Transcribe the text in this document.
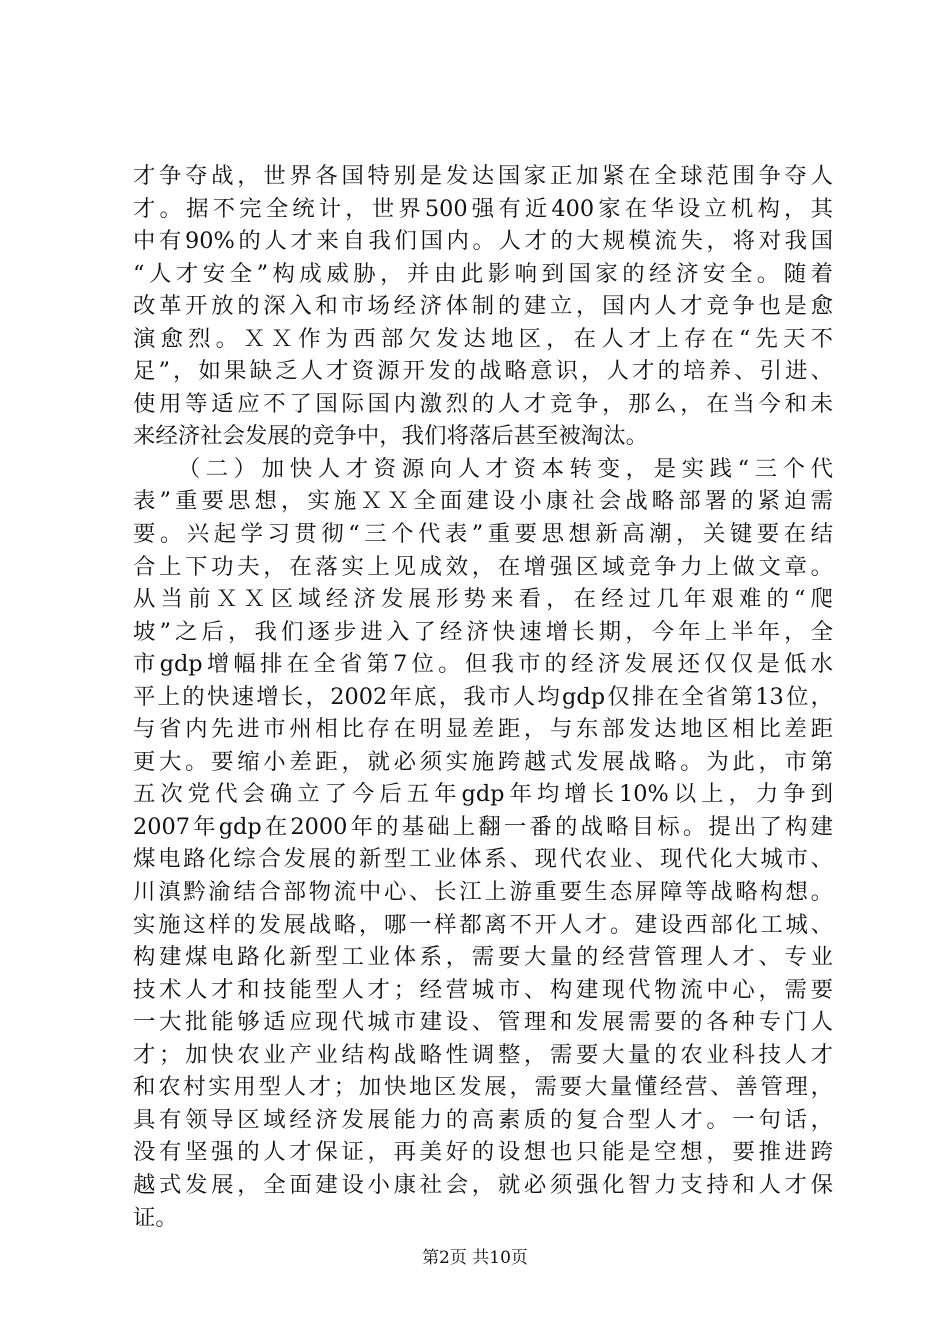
才争夺战，世界各国特别是发达国家正加紧在全球范围争夺人
才。据不完全统计，世界500强有近400家在华设立机构，其
中有90%的人才来自我们国内。人才的大规模流失，将对我国
“人才安全”构成威胁，并由此影响到国家的经济安全。随着
改革开放的深入和市场经济体制的建立，国内人才竞争也是愈
演愈烈。ＸＸ作为西部欠发达地区，在人才上存在“先天不
足”，如果缺乏人才资源开发的战略意识，人才的培养、引进、
使用等适应不了国际国内激烈的人才竞争，那么，在当今和未
来经济社会发展的竞争中，我们将落后甚至被淘汰。
　　（二）加快人才资源向人才资本转变，是实践“三个代
表”重要思想，实施ＸＸ全面建设小康社会战略部署的紧迫需
要。兴起学习贯彻“三个代表”重要思想新高潮，关键要在结
合上下功夫，在落实上见成效，在增强区域竞争力上做文章。
从当前ＸＸ区域经济发展形势来看，在经过几年艰难的“爬
坡”之后，我们逐步进入了经济快速增长期，今年上半年，全
市gdp增幅排在全省第7位。但我市的经济发展还仅仅是低水
平上的快速增长，2002年底，我市人均gdp仅排在全省第13位，
与省内先进市州相比存在明显差距，与东部发达地区相比差距
更大。要缩小差距，就必须实施跨越式发展战略。为此，市第
五次党代会确立了今后五年gdp年均增长10%以上，力争到
2007年gdp在2000年的基础上翻一番的战略目标。提出了构建
煤电路化综合发展的新型工业体系、现代农业、现代化大城市、
川滇黔渝结合部物流中心、长江上游重要生态屏障等战略构想。
实施这样的发展战略，哪一样都离不开人才。建设西部化工城、
构建煤电路化新型工业体系，需要大量的经营管理人才、专业
技术人才和技能型人才；经营城市、构建现代物流中心，需要
一大批能够适应现代城市建设、管理和发展需要的各种专门人
才；加快农业产业结构战略性调整，需要大量的农业科技人才
和农村实用型人才；加快地区发展，需要大量懂经营、善管理，
具有领导区域经济发展能力的高素质的复合型人才。一句话，
没有坚强的人才保证，再美好的设想也只能是空想，要推进跨
越式发展，全面建设小康社会，就必须强化智力支持和人才保
证。
第2页 共10页
